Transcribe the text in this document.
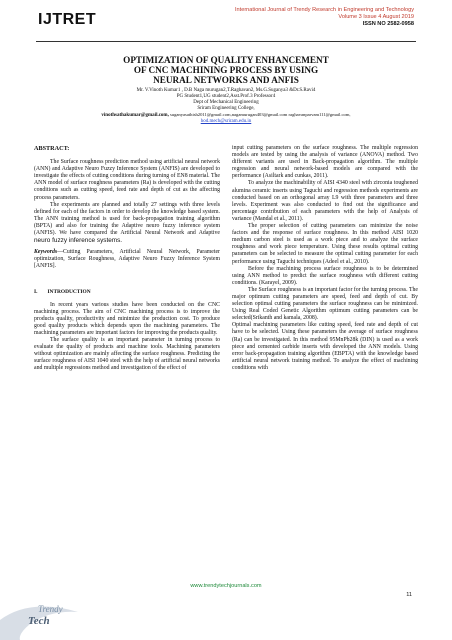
IJTRET
International Journal of Trendy Research in Engineering and Technology
Volume 3 Issue 4 August 2019
ISSN NO 2582-0958
OPTIMIZATION OF QUALITY ENHANCEMENT
OF CNC MACHINING PROCESS BY USING
NEURAL NETWORKS AND ANFIS
Mr. V.Vinoth Kumar1 , D.B Naga murugan2,T.Raghavan2, Ms.G.Suganya3 &Dr.S.Ravi4
PG Student1,UG student2,Asst.Prof.3 Professor4
Dept of Mechanical Engineering
Sriram Engineering College,
vinothsathakumar@gmail.com, suganyasathish2011@gmail.com,nagamurugan403@gmail.com raghavanparvam111@gmail.com,
hod.mech@sriram.edu.in

ABSTRACT:

The Surface roughness prediction method using artificial neural network (ANN) and Adaptive Neuro Fuzzy Inference System (ANFIS) are developed to investigate the effects of cutting conditions during turning of EN8 material. The ANN model of surface roughness parameters (Ra) is developed with the cutting conditions such as cutting speed, feed rate and depth of cut as the affecting process parameters.

The experiments are planned and totally 27 settings with three levels defined for each of the factors in order to develop the knowledge based system. The ANN training method is used for back-propagation training algorithm (BPTA) and also for training the Adaptive neuro fuzzy inference system (ANFIS). We have compared the Artificial Neural Network and Adaptive neuro fuzzy inference systems.

Keywords—Cutting Parameters, Artificial Neural Network, Parameter optimization, Surface Roughness, Adaptive Neuro Fuzzy Inference System [ANFIS].

I. INTRODUCTION

In recent years various studies have been conducted on the CNC machining process. The aim of CNC machining process is to improve the products quality, productivity and minimize the production cost. To produce good quality products which depends upon the machining parameters. The machining parameters are important factors for improving the products quality.

The surface quality is an important parameter in turning process to evaluate the quality of products and machine tools. Machining parameters without optimization are mainly affecting the surface roughness. Predicting the surface roughness of AISI 1040 steel with the help of artificial neural networks and multiple regressions method and investigation of the effect of

input cutting parameters on the surface roughness. The multiple regression models are tested by using the analysis of variance (ANOVA) method. Two different variants are used in Back-propagation algorithm. The multiple regression and neural network-based models are compared with the performance (Asiltark and cunkas, 2011).

To analyze the machinability of AISI 4340 steel with zirconia toughened alumina ceramic inserts using Taguchi and regression methods experiments are conducted based on an orthogonal array L9 with three parameters and three levels. Experiment was also conducted to find out the significance and percentage contribution of each parameters with the help of Analysis of variance (Mandal et al., 2011).

The proper selection of cutting parameters can minimize the noise factors and the response of surface roughness. In this method AISI 1020 medium carbon steel is used as a work piece and to analyze the surface roughness and work piece temperature. Using these results optimal cutting parameters can be selected to measure the optimal cutting parameter for each performance using Taguchi techniques (Adeel et al., 2010).

Before the machining process surface roughness is to be determined using ANN method to predict the surface roughness with different cutting conditions. (Karayel, 2009).

The Surface roughness is an important factor for the turning process. The major optimum cutting parameters are speed, feed and depth of cut. By selection optimal cutting parameters the surface roughness can be minimized. Using Real Coded Genetic Algorithm optimum cutting parameters can be selected(Srikanth and kamala, 2008).

Optimal machining parameters like cutting speed, feed rate and depth of cut have to be selected. Using these parameters the average of surface roughness (Ra) can be investigated. In this method 95MnPb28k (DIN) is used as a work piece and cemented carbide inserts with developed the ANN models. Using error back-propagation training algorithm (EBPTA) with the knowledge based artificial neural network training method. To analyze the effect of machining conditions with

www.trendytechjournals.com
11
Trendy
Tech
